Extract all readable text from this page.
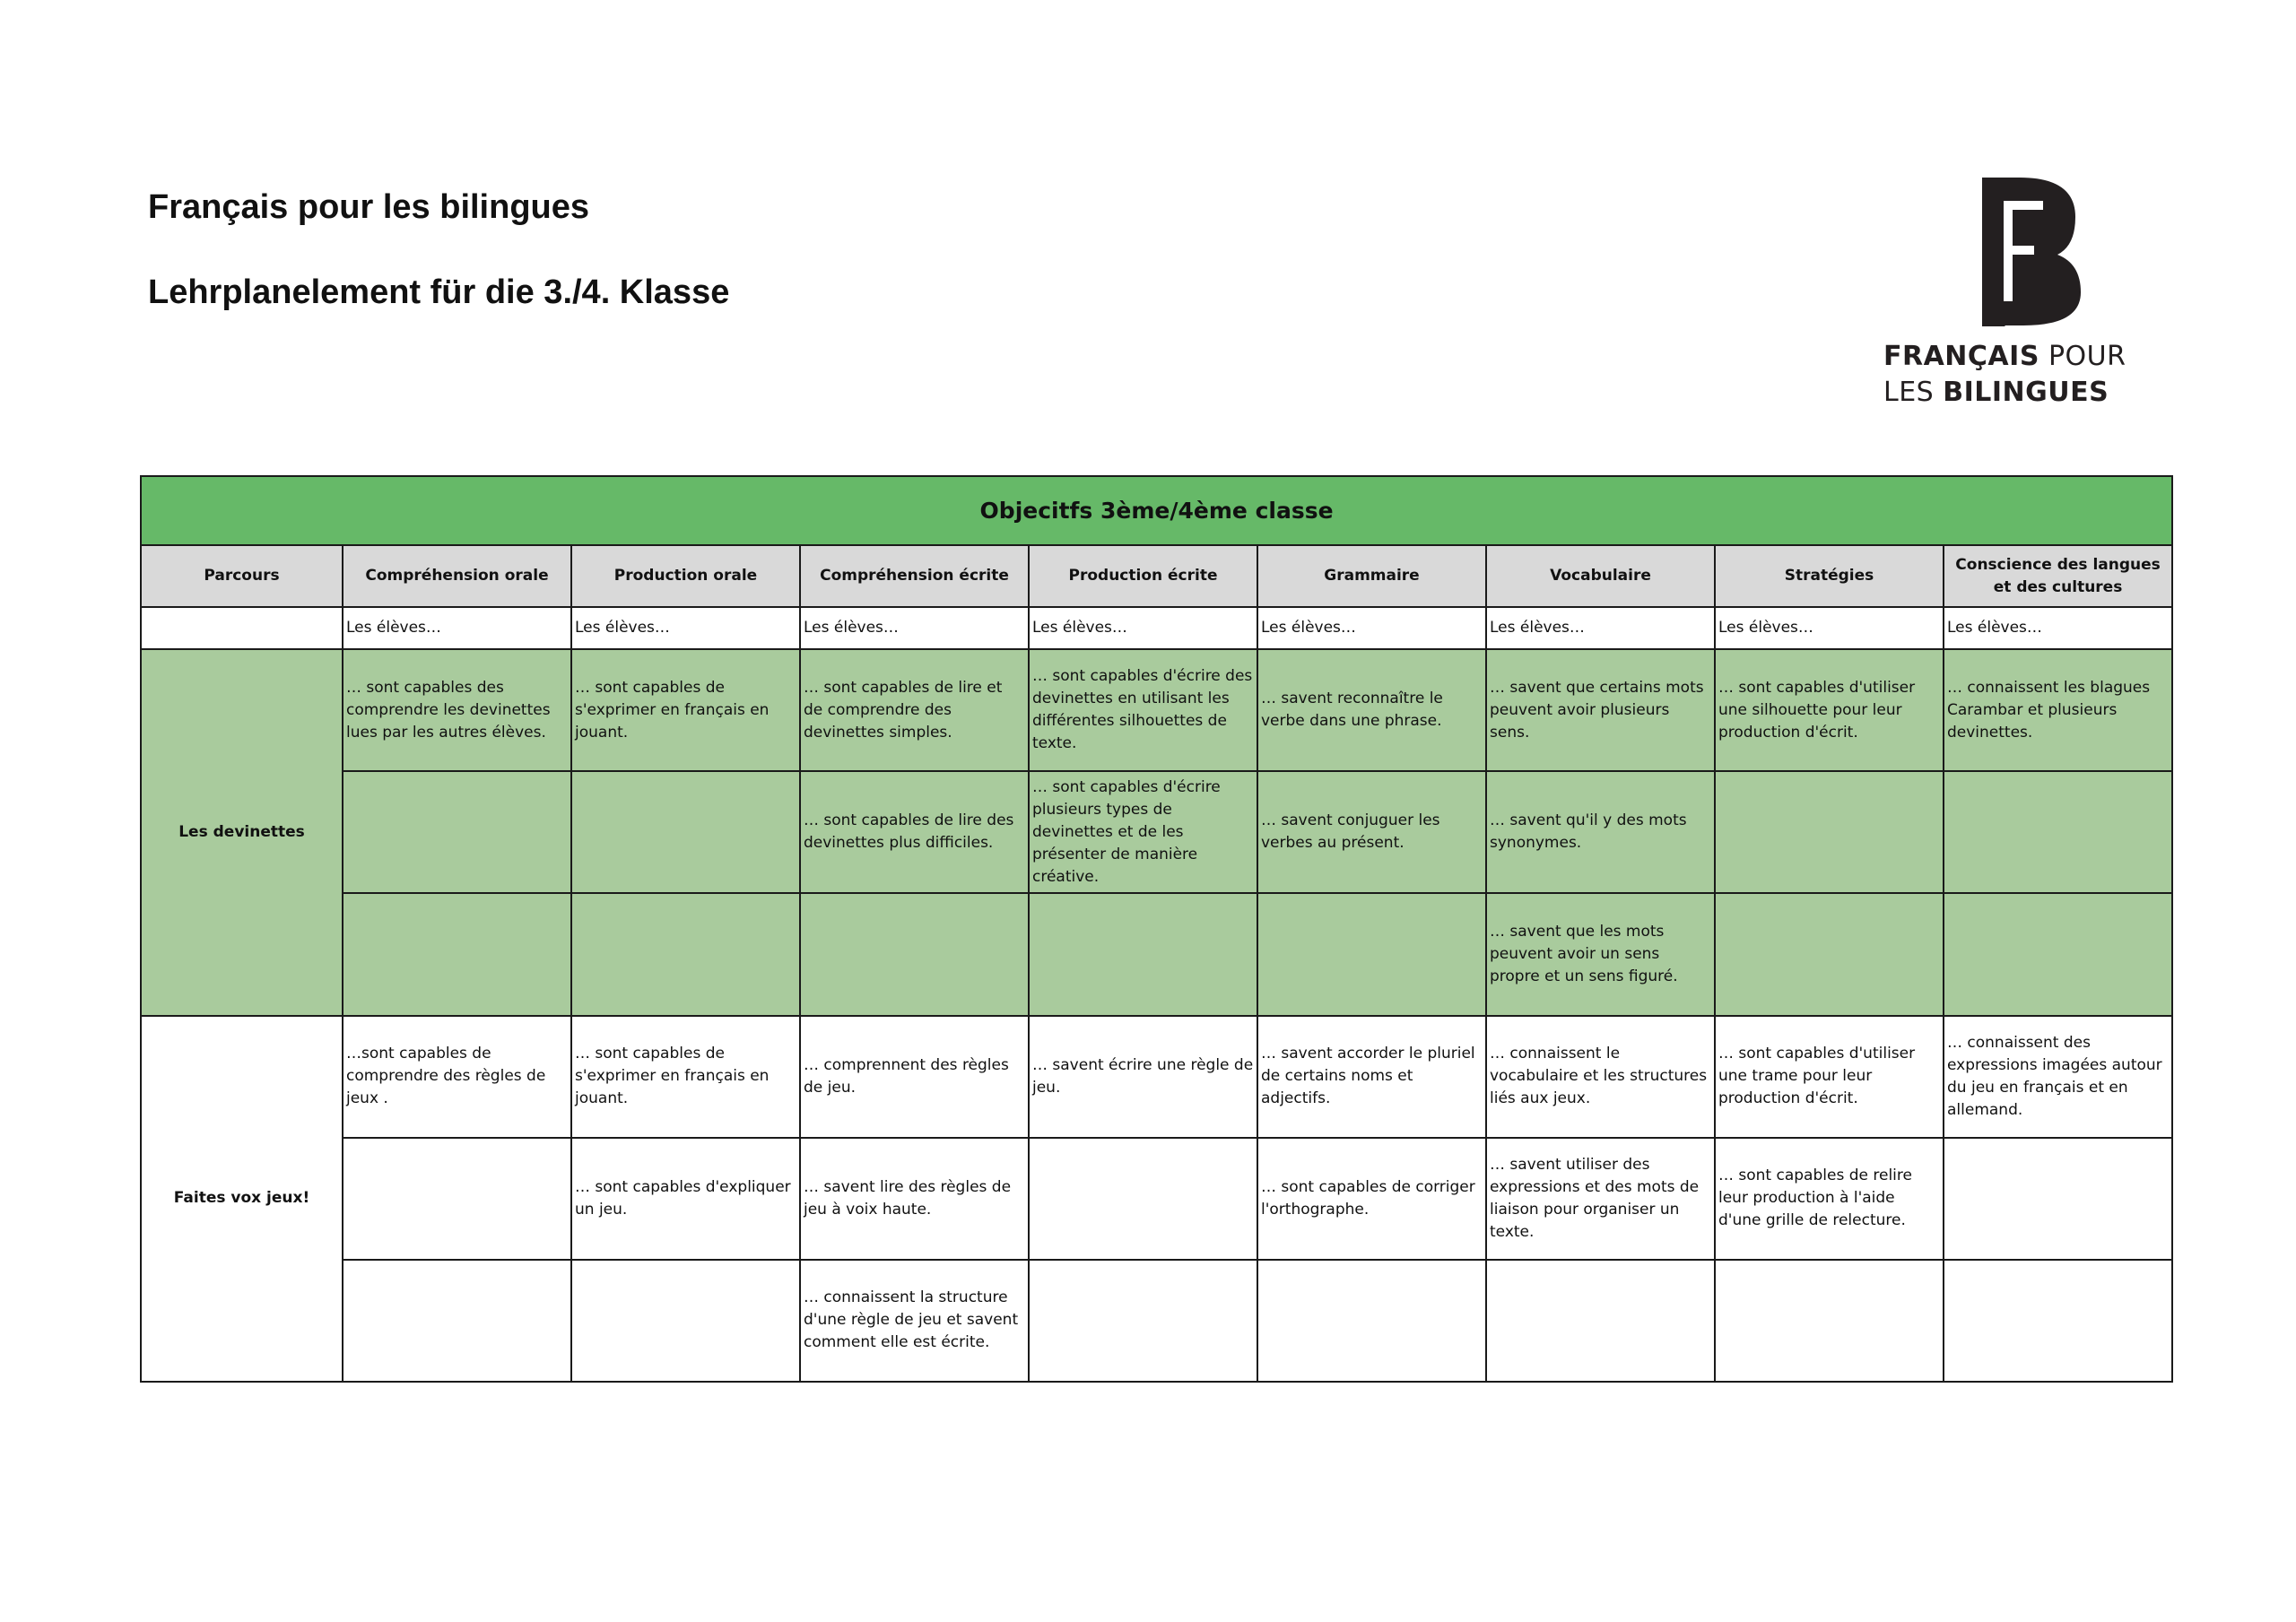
Français pour les bilingues
Lehrplanelement für die 3./4. Klasse
FRANÇAIS POUR
LES BILINGUES
Objecitfs 3ème/4ème classe								
Parcours	Compréhension orale	Production orale	Compréhension écrite	Production écrite	Grammaire	Vocabulaire	Stratégies	Conscience des langues et des cultures
	Les élèves…	Les élèves…	Les élèves…	Les élèves…	Les élèves…	Les élèves…	Les élèves…	Les élèves…
Les devinettes	… sont capables des comprendre les devinettes lues par les autres élèves.	… sont capables de s'exprimer en français en jouant.	… sont capables de lire et de comprendre des devinettes simples.	… sont capables d'écrire des devinettes en utilisant les différentes silhouettes de texte.	… savent reconnaître le verbe dans une phrase.	… savent que certains mots peuvent avoir plusieurs sens.	… sont capables d'utiliser une silhouette pour leur production d'écrit.	… connaissent les blagues Carambar et plusieurs devinettes.
			… sont capables de lire des devinettes plus difficiles.	… sont capables d'écrire plusieurs types de devinettes et de les présenter de manière créative.	… savent conjuguer les verbes au présent.	… savent qu'il y des mots synonymes.		
						… savent que les mots peuvent avoir un sens propre et un sens figuré.		
Faites vox jeux!	…sont capables de comprendre des règles de jeux .	… sont capables de s'exprimer en français en jouant.	… comprennent des règles de jeu.	… savent écrire une règle de jeu.	… savent accorder le pluriel de certains noms et adjectifs.	… connaissent le vocabulaire et les structures liés aux jeux.	… sont capables d'utiliser une trame pour leur production d'écrit.	… connaissent des expressions imagées autour du jeu en français et en allemand.
		… sont capables d'expliquer un jeu.	… savent lire des règles de jeu à voix haute.		… sont capables de corriger l'orthographe.	… savent utiliser des expressions et des mots de liaison pour organiser un texte.	… sont capables de relire leur production à l'aide d'une grille de relecture.	
			… connaissent la structure d'une règle de jeu et savent comment elle est écrite.					
